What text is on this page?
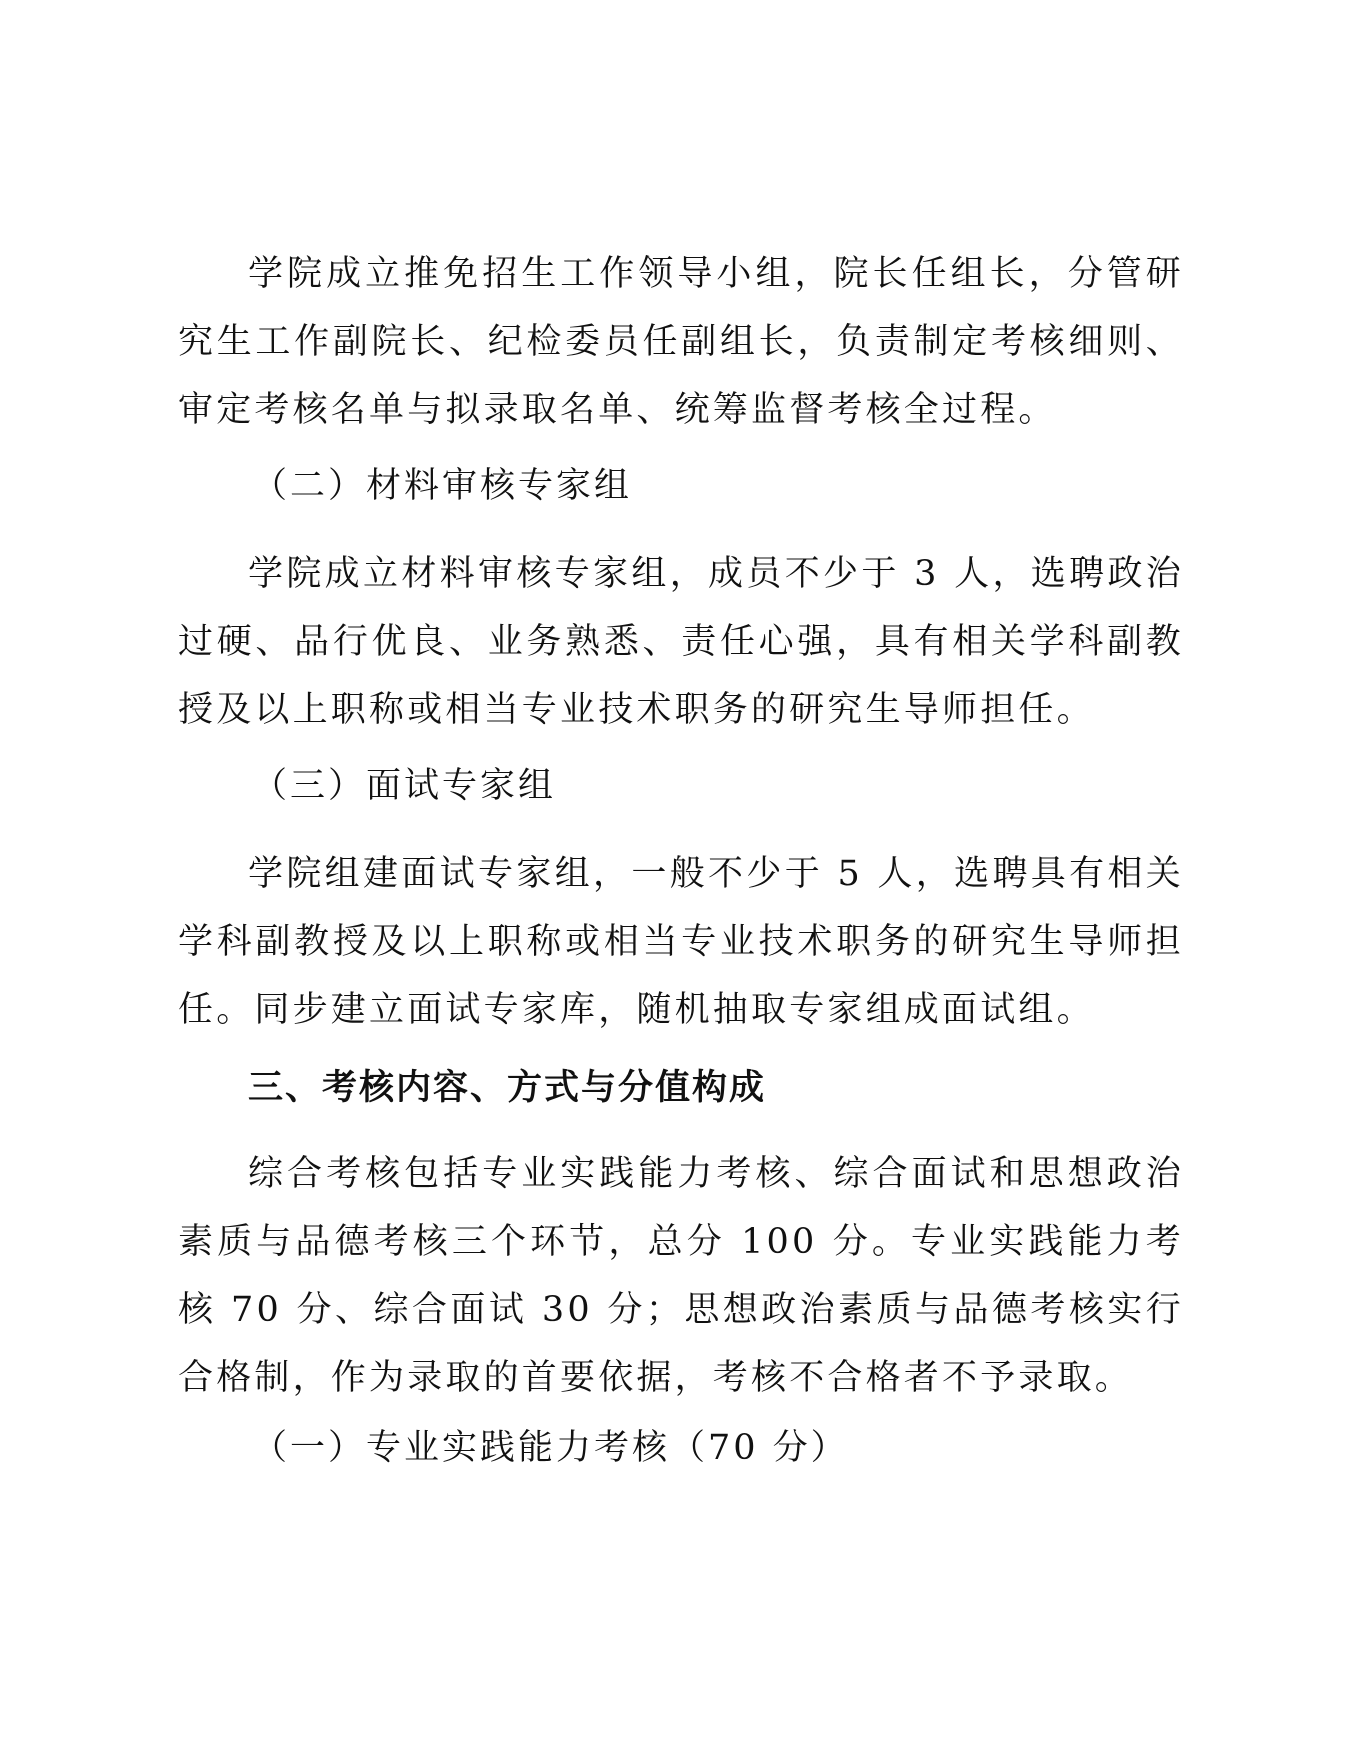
学院成立推免招生工作领导小组，院长任组长，分管研究生工作副院长、纪检委员任副组长，负责制定考核细则、审定考核名单与拟录取名单、统筹监督考核全过程。

（二）材料审核专家组

学院成立材料审核专家组，成员不少于 3 人，选聘政治过硬、品行优良、业务熟悉、责任心强，具有相关学科副教授及以上职称或相当专业技术职务的研究生导师担任。

（三）面试专家组

学院组建面试专家组，一般不少于 5 人，选聘具有相关学科副教授及以上职称或相当专业技术职务的研究生导师担任。同步建立面试专家库，随机抽取专家组成面试组。

三、考核内容、方式与分值构成

综合考核包括专业实践能力考核、综合面试和思想政治素质与品德考核三个环节，总分 100 分。专业实践能力考核 70 分、综合面试 30 分；思想政治素质与品德考核实行合格制，作为录取的首要依据，考核不合格者不予录取。

（一）专业实践能力考核（70 分）
